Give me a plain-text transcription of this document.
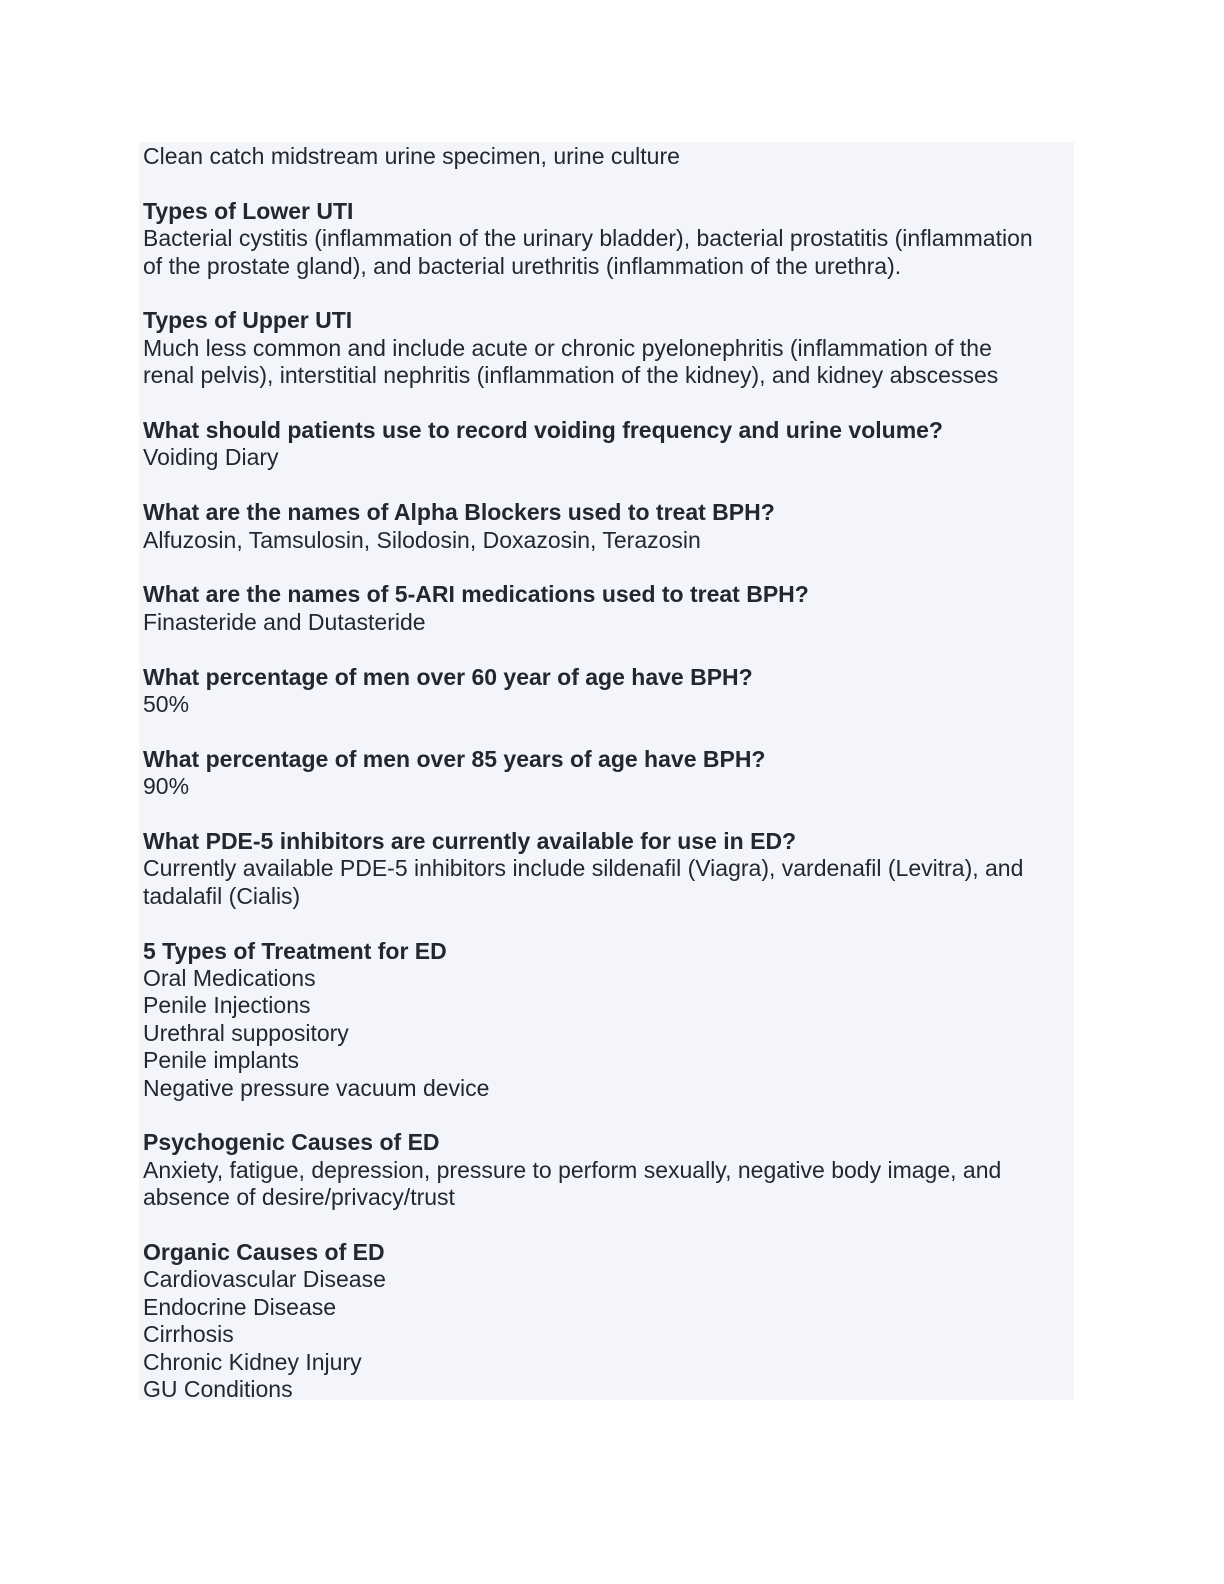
Clean catch midstream urine specimen, urine culture

Types of Lower UTI

Bacterial cystitis (inflammation of the urinary bladder), bacterial prostatitis (inflammation

of the prostate gland), and bacterial urethritis (inflammation of the urethra).

Types of Upper UTI

Much less common and include acute or chronic pyelonephritis (inflammation of the

renal pelvis), interstitial nephritis (inflammation of the kidney), and kidney abscesses

What should patients use to record voiding frequency and urine volume?

Voiding Diary

What are the names of Alpha Blockers used to treat BPH?

Alfuzosin, Tamsulosin, Silodosin, Doxazosin, Terazosin

What are the names of 5-ARI medications used to treat BPH?

Finasteride and Dutasteride

What percentage of men over 60 year of age have BPH?

50%

What percentage of men over 85 years of age have BPH?

90%

What PDE-5 inhibitors are currently available for use in ED?

Currently available PDE-5 inhibitors include sildenafil (Viagra), vardenafil (Levitra), and

tadalafil (Cialis)

5 Types of Treatment for ED

Oral Medications

Penile Injections

Urethral suppository

Penile implants

Negative pressure vacuum device

Psychogenic Causes of ED

Anxiety, fatigue, depression, pressure to perform sexually, negative body image, and

absence of desire/privacy/trust

Organic Causes of ED

Cardiovascular Disease

Endocrine Disease

Cirrhosis

Chronic Kidney Injury

GU Conditions
